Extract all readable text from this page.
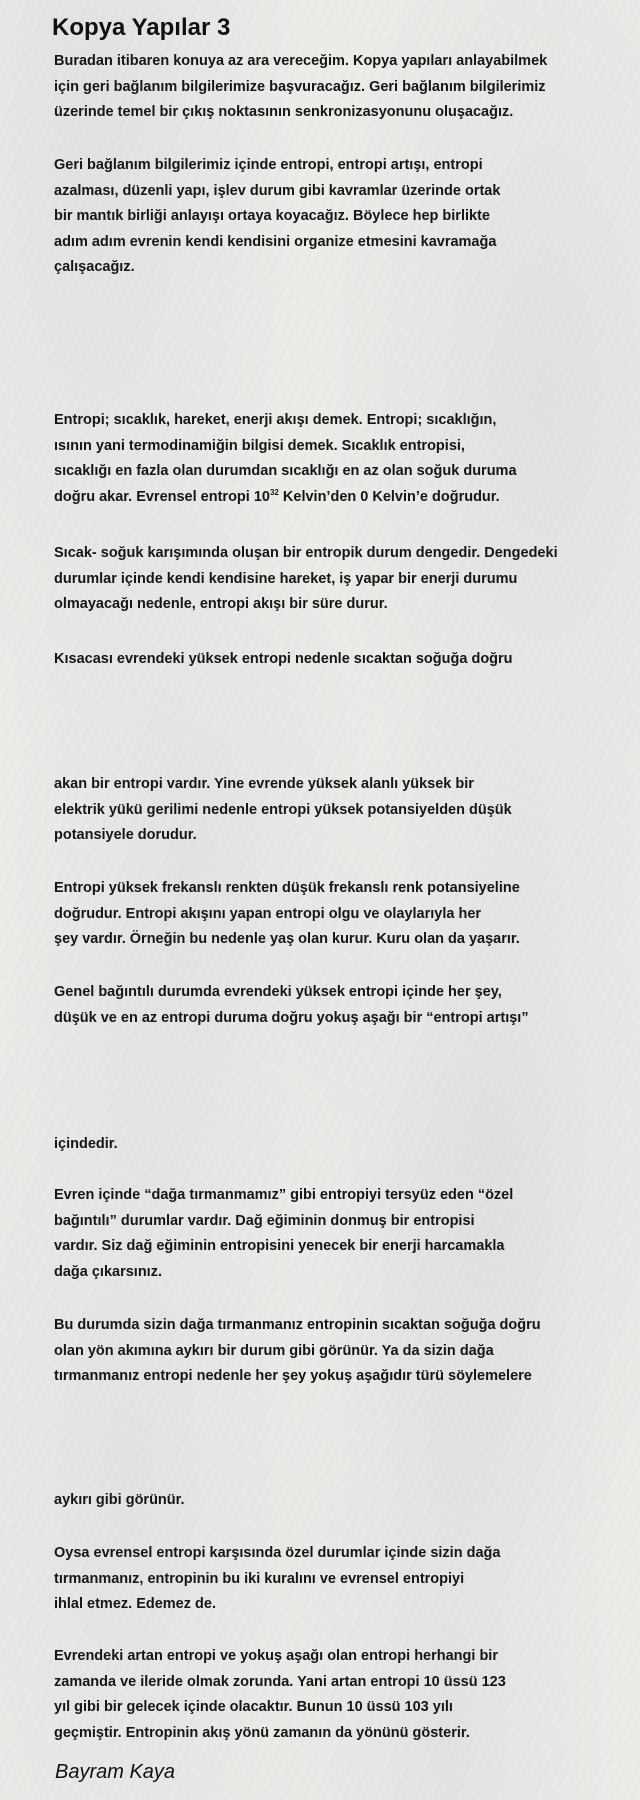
Kopya Yapılar 3

Buradan itibaren konuya az ara vereceğim. Kopya yapıları anlayabilmek
için geri bağlanım bilgilerimize başvuracağız. Geri bağlanım bilgilerimiz
üzerinde temel bir çıkış noktasının senkronizasyonunu oluşacağız.

Geri bağlanım bilgilerimiz içinde entropi, entropi artışı, entropi
azalması, düzenli yapı, işlev durum gibi kavramlar üzerinde ortak
bir mantık birliği anlayışı ortaya koyacağız. Böylece hep birlikte
adım adım evrenin kendi kendisini organize etmesini kavramağa
çalışacağız.

Entropi; sıcaklık, hareket, enerji akışı demek. Entropi; sıcaklığın,
ısının yani termodinamiğin bilgisi demek. Sıcaklık entropisi,
sıcaklığı en fazla olan durumdan sıcaklığı en az olan soğuk duruma
doğru akar. Evrensel entropi $10^{32}$ Kelvin’den 0 Kelvin’e doğrudur.

Sıcak- soğuk karışımında oluşan bir entropik durum dengedir. Dengedeki
durumlar içinde kendi kendisine hareket, iş yapar bir enerji durumu
olmayacağı nedenle, entropi akışı bir süre durur.

Kısacası evrendeki yüksek entropi nedenle sıcaktan soğuğa doğru

akan bir entropi vardır. Yine evrende yüksek alanlı yüksek bir
elektrik yükü gerilimi nedenle entropi yüksek potansiyelden düşük
potansiyele dorudur.

Entropi yüksek frekanslı renkten düşük frekanslı renk potansiyeline
doğrudur. Entropi akışını yapan entropi olgu ve olaylarıyla her
şey vardır. Örneğin bu nedenle yaş olan kurur. Kuru olan da yaşarır.

Genel bağıntılı durumda evrendeki yüksek entropi içinde her şey,
düşük ve en az entropi duruma doğru yokuş aşağı bir “entropi artışı”

içindedir.

Evren içinde “dağa tırmanmamız” gibi entropiyi tersyüz eden “özel
bağıntılı” durumlar vardır. Dağ eğiminin donmuş bir entropisi
vardır. Siz dağ eğiminin entropisini yenecek bir enerji harcamakla
dağa çıkarsınız.

Bu durumda sizin dağa tırmanmanız entropinin sıcaktan soğuğa doğru
olan yön akımına aykırı bir durum gibi görünür. Ya da sizin dağa
tırmanmanız entropi nedenle her şey yokuş aşağıdır türü söylemelere

aykırı gibi görünür.

Oysa evrensel entropi karşısında özel durumlar içinde sizin dağa
tırmanmanız, entropinin bu iki kuralını ve evrensel entropiyi
ihlal etmez. Edemez de.

Evrendeki artan entropi ve yokuş aşağı olan entropi herhangi bir
zamanda ve ileride olmak zorunda. Yani artan entropi 10 üssü 123
yıl gibi bir gelecek içinde olacaktır. Bunun 10 üssü 103 yılı
geçmiştir. Entropinin akış yönü zamanın da yönünü gösterir.

Bayram Kaya
